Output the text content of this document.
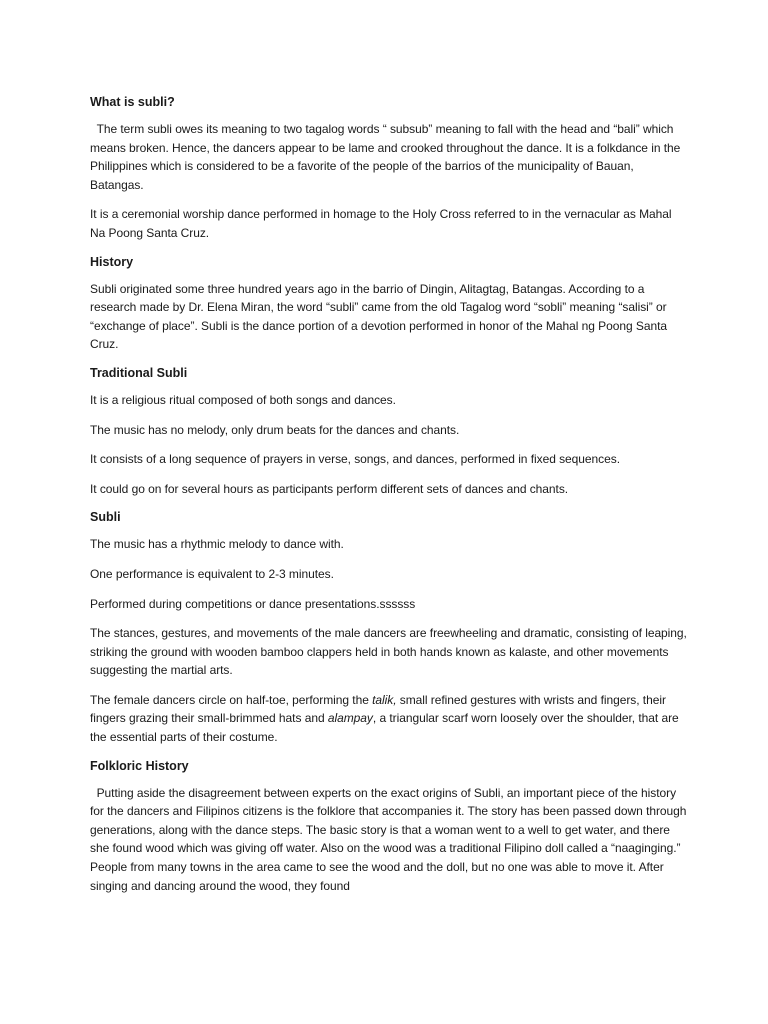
What is subli?

The term subli owes its meaning to two tagalog words “ subsub” meaning to fall with the head and “bali” which means broken. Hence, the dancers appear to be lame and crooked throughout the dance. It is a folkdance in the Philippines which is considered to be a favorite of the people of the barrios of the municipality of Bauan, Batangas.

It is a ceremonial worship dance performed in homage to the Holy Cross referred to in the vernacular as Mahal Na Poong Santa Cruz.

History

Subli originated some three hundred years ago in the barrio of Dingin, Alitagtag, Batangas. According to a research made by Dr. Elena Miran, the word “subli” came from the old Tagalog word “sobli” meaning “salisi” or “exchange of place”. Subli is the dance portion of a devotion performed in honor of the Mahal ng Poong Santa Cruz.

Traditional Subli

It is a religious ritual composed of both songs and dances.

The music has no melody, only drum beats for the dances and chants.

It consists of a long sequence of prayers in verse, songs, and dances, performed in fixed sequences.

It could go on for several hours as participants perform different sets of dances and chants.

Subli

The music has a rhythmic melody to dance with.

One performance is equivalent to 2-3 minutes.

Performed during competitions or dance presentations.ssssss

The stances, gestures, and movements of the male dancers are freewheeling and dramatic, consisting of leaping, striking the ground with wooden bamboo clappers held in both hands known as kalaste, and other movements suggesting the martial arts.

The female dancers circle on half-toe, performing the talik, small refined gestures with wrists and fingers, their fingers grazing their small-brimmed hats and alampay, a triangular scarf worn loosely over the shoulder, that are the essential parts of their costume.

Folkloric History

Putting aside the disagreement between experts on the exact origins of Subli, an important piece of the history for the dancers and Filipinos citizens is the folklore that accompanies it. The story has been passed down through generations, along with the dance steps. The basic story is that a woman went to a well to get water, and there she found wood which was giving off water. Also on the wood was a traditional Filipino doll called a “naaginging.” People from many towns in the area came to see the wood and the doll, but no one was able to move it. After singing and dancing around the wood, they found
